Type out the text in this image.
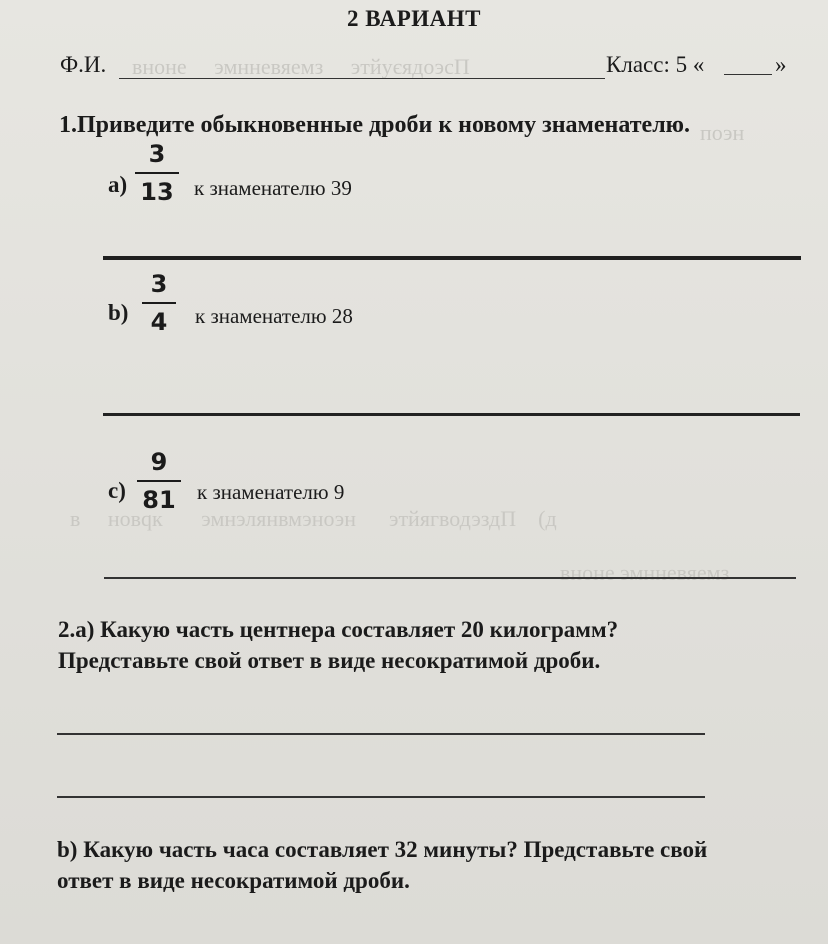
вноне     эмнневяемз     этйуєядоэсП
поэн
в     новqк       эмнэлянвмэноэн      этйягводэздП    (д
вноне эмнневяемз
2 ВАРИАНТ
Ф.И.	Класс: 5 «	»
1.Приведите обыкновенные дроби к новому знаменателю.
а)
3
13 к знаменателю 39
b)
3
4	к знаменателю 28
c)
9
81 к знаменателю 9
2.а) Какую часть центнера составляет 20 килограмм?
Представьте свой ответ в виде несократимой дроби.
b) Какую часть часа составляет 32 минуты? Представьте свой
ответ в виде несократимой дроби.
